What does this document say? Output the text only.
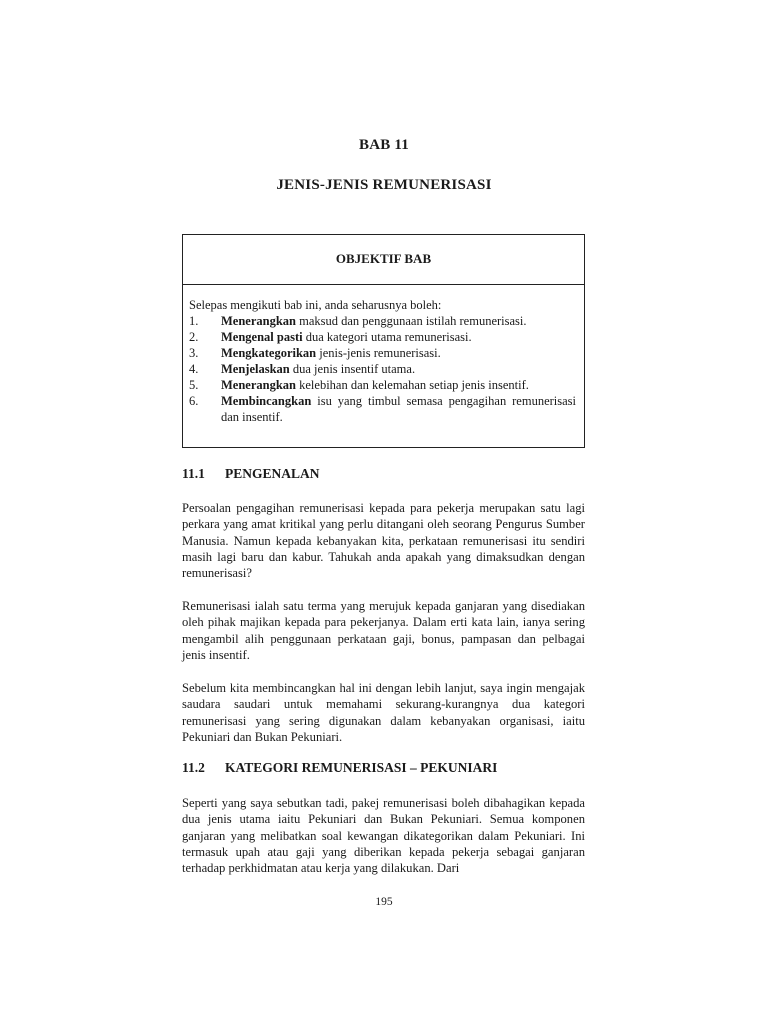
BAB 11
JENIS-JENIS REMUNERISASI
OBJEKTIF BAB
Selepas mengikuti bab ini, anda seharusnya boleh:
1.	Menerangkan maksud dan penggunaan istilah remunerisasi.
2.	Mengenal pasti dua kategori utama remunerisasi.
3.	Mengkategorikan jenis-jenis remunerisasi.
4.	Menjelaskan dua jenis insentif utama.
5.	Menerangkan kelebihan dan kelemahan setiap jenis insentif.
6.	Membincangkan isu yang timbul semasa pengagihan remunerisasi dan insentif.
11.1	PENGENALAN

Persoalan pengagihan remunerisasi kepada para pekerja merupakan satu lagi perkara yang amat kritikal yang perlu ditangani oleh seorang Pengurus Sumber Manusia. Namun kepada kebanyakan kita, perkataan remunerisasi itu sendiri masih lagi baru dan kabur. Tahukah anda apakah yang dimaksudkan dengan remunerisasi?

Remunerisasi ialah satu terma yang merujuk kepada ganjaran yang disediakan oleh pihak majikan kepada para pekerjanya. Dalam erti kata lain, ianya sering mengambil alih penggunaan perkataan gaji, bonus, pampasan dan pelbagai jenis insentif.

Sebelum kita membincangkan hal ini dengan lebih lanjut, saya ingin mengajak saudara saudari untuk memahami sekurang-kurangnya dua kategori remunerisasi yang sering digunakan dalam kebanyakan organisasi, iaitu Pekuniari dan Bukan Pekuniari.

11.2	KATEGORI REMUNERISASI – PEKUNIARI

Seperti yang saya sebutkan tadi, pakej remunerisasi boleh dibahagikan kepada dua jenis utama iaitu Pekuniari dan Bukan Pekuniari. Semua komponen ganjaran yang melibatkan soal kewangan dikategorikan dalam Pekuniari. Ini termasuk upah atau gaji yang diberikan kepada pekerja sebagai ganjaran terhadap perkhidmatan atau kerja yang dilakukan. Dari

195
